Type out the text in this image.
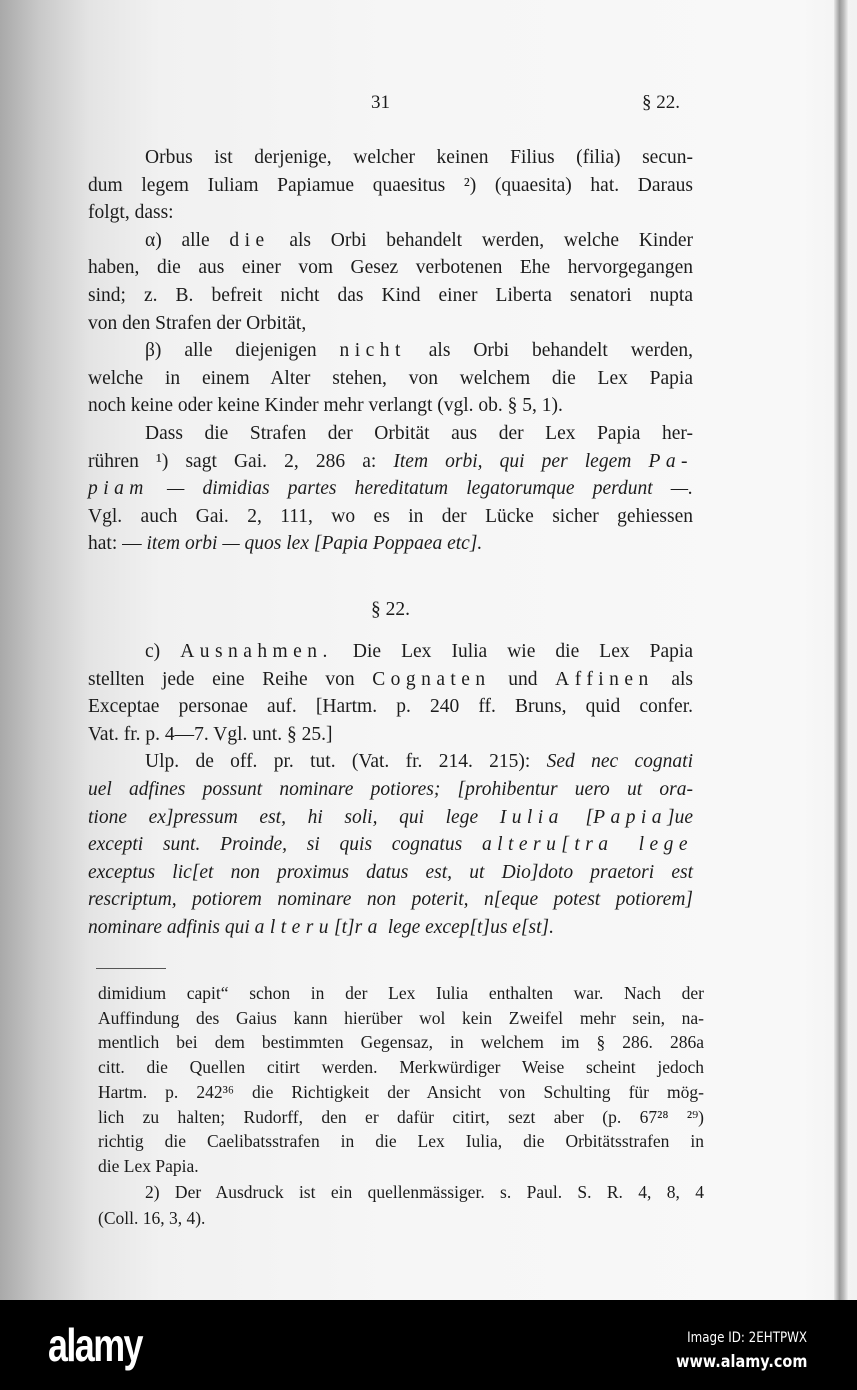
31	§ 22.
Orbus ist derjenige, welcher keinen Filius (filia) secun-
dum legem Iuliam Papiamue quaesitus ²) (quaesita) hat. Daraus
folgt, dass:
α) alle die als Orbi behandelt werden, welche Kinder
haben, die aus einer vom Gesez verbotenen Ehe hervorgegangen
sind; z. B. befreit nicht das Kind einer Liberta senatori nupta
von den Strafen der Orbität,
β) alle diejenigen nicht als Orbi behandelt werden,
welche in einem Alter stehen, von welchem die Lex Papia
noch keine oder keine Kinder mehr verlangt (vgl. ob. § 5, 1).
Dass die Strafen der Orbität aus der Lex Papia her-
rühren ¹) sagt Gai. 2, 286 a: Item orbi, qui per legem Pa-
piam — dimidias partes hereditatum legatorumque perdunt —.
Vgl. auch Gai. 2, 111, wo es in der Lücke sicher gehiessen
hat: — item orbi — quos lex [Papia Poppaea etc].
§ 22.
c) Ausnahmen. Die Lex Iulia wie die Lex Papia
stellten jede eine Reihe von Cognaten und Affinen als
Exceptae personae auf. [Hartm. p. 240 ff. Bruns, quid confer.
Vat. fr. p. 4—7. Vgl. unt. § 25.]
Ulp. de off. pr. tut. (Vat. fr. 214. 215): Sed nec cognati
uel adfines possunt nominare potiores; [prohibentur uero ut ora-
tione ex]pressum est, hi soli, qui lege Iulia [Papia]ue
excepti sunt. Proinde, si quis cognatus alteru[tra lege
exceptus lic[et non proximus datus est, ut Dio]doto praetori est
rescriptum, potiorem nominare non poterit, n[eque potest potiorem]
nominare adfinis qui alteru[t]ra lege excep[t]us e[st].
dimidium capit“ schon in der Lex Iulia enthalten war. Nach der
Auffindung des Gaius kann hierüber wol kein Zweifel mehr sein, na-
mentlich bei dem bestimmten Gegensaz, in welchem im § 286. 286a
citt. die Quellen citirt werden. Merkwürdiger Weise scheint jedoch
Hartm. p. 242³⁶ die Richtigkeit der Ansicht von Schulting für mög-
lich zu halten; Rudorff, den er dafür citirt, sezt aber (p. 67²⁸ ²⁹)
richtig die Caelibatsstrafen in die Lex Iulia, die Orbitätsstrafen in
die Lex Papia.
2) Der Ausdruck ist ein quellenmässiger. s. Paul. S. R. 4, 8, 4
(Coll. 16, 3, 4).
alamy	Image ID: 2EHTPWX
www.alamy.com
